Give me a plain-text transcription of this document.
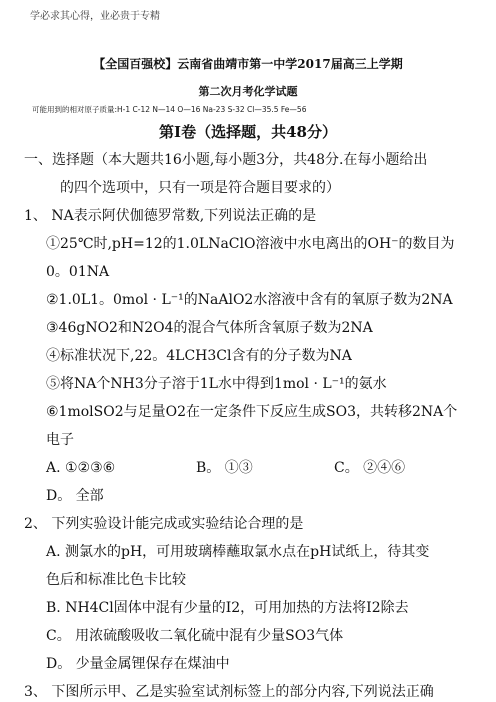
学必求其心得，业必贵于专精
【全国百强校】云南省曲靖市第一中学2017届高三上学期
第二次月考化学试题
可能用到的相对原子质量:H-1 C-12 N—14 O—16 Na-23 S-32 Cl—35.5 Fe—56
第Ⅰ卷（选择题，共48分）
一、选择题（本大题共16小题,每小题3分，共48分.在每小题给出
的四个选项中，只有一项是符合题目要求的）
1、 NA表示阿伏伽德罗常数,下列说法正确的是
①25℃时,pH=12的1.0LNaClO溶液中水电离出的OH⁻的数目为
0。01NA
②1.0L1。0mol · L⁻¹的NaAlO2水溶液中含有的氧原子数为2NA
③46gNO2和N2O4的混合气体所含氧原子数为2NA
④标准状况下,22。4LCH3Cl含有的分子数为NA
⑤将NA个NH3分子溶于1L水中得到1mol · L⁻¹的氨水
⑥1molSO2与足量O2在一定条件下反应生成SO3，共转移2NA个
电子
A. ①②③⑥	B。 ①③	C。 ②④⑥
D。 全部
2、 下列实验设计能完成或实验结论合理的是
A. 测氯水的pH，可用玻璃棒蘸取氯水点在pH试纸上，待其变
色后和标准比色卡比较
B. NH4Cl固体中混有少量的I2，可用加热的方法将I2除去
C。 用浓硫酸吸收二氧化硫中混有少量SO3气体
D。 少量金属锂保存在煤油中
3、 下图所示甲、乙是实验室试剂标签上的部分内容,下列说法正确
